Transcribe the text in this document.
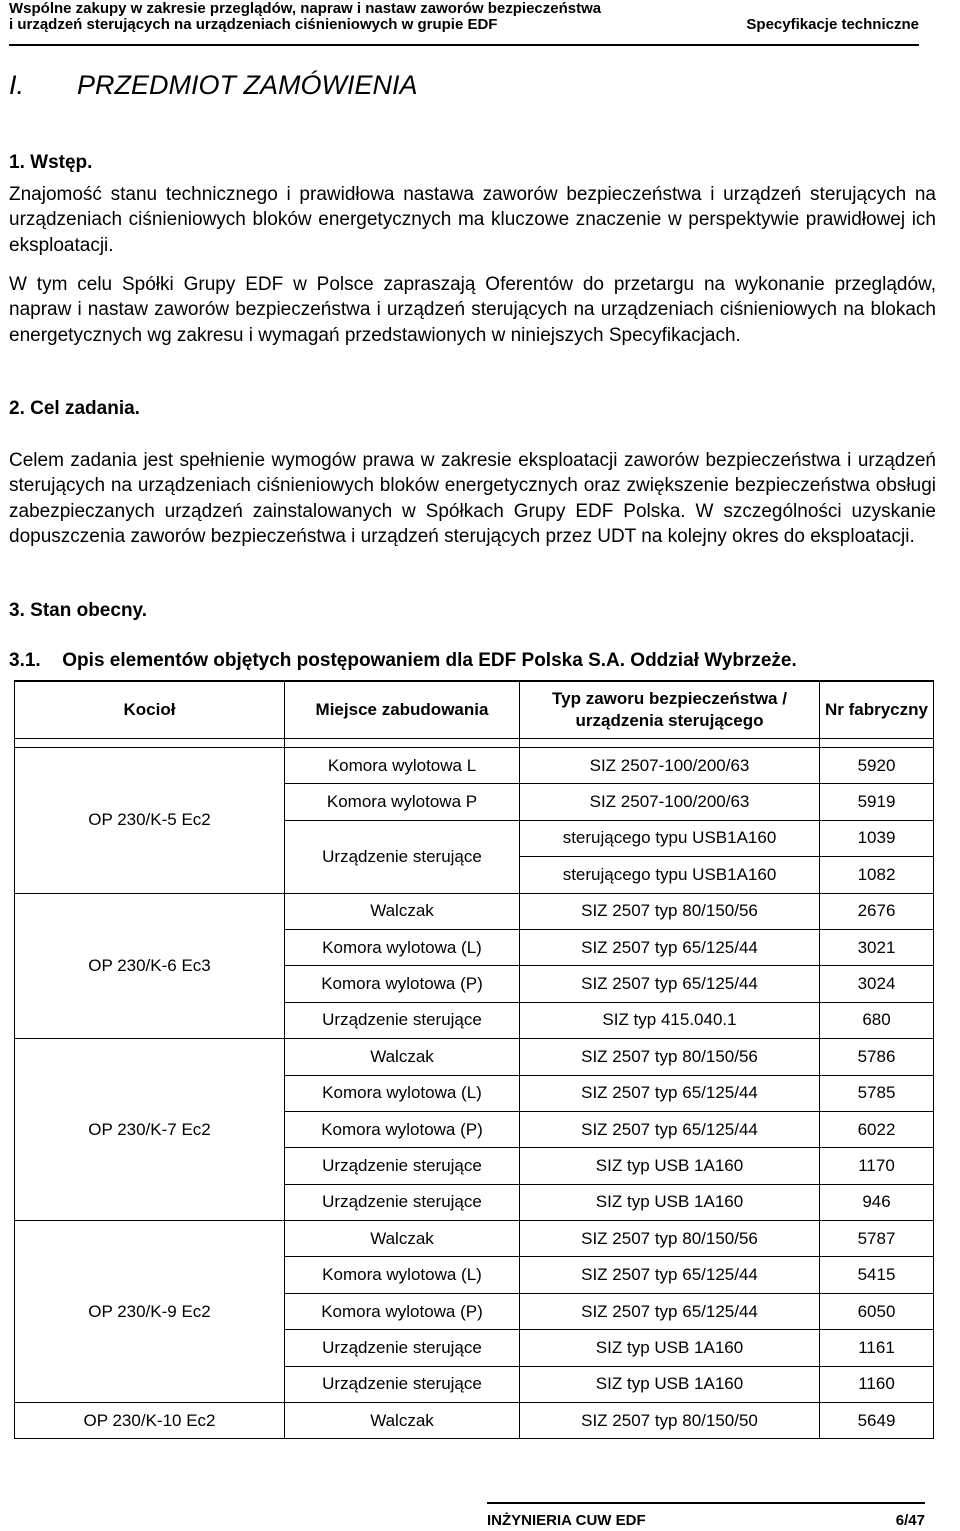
Wspólne zakupy w zakresie przeglądów, napraw i nastaw zaworów bezpieczeństwa
i urządzeń sterujących na urządzeniach ciśnieniowych w grupie EDF	Specyfikacje techniczne
I. PRZEDMIOT ZAMÓWIENIA
1. Wstęp.

Znajomość stanu technicznego i prawidłowa nastawa zaworów bezpieczeństwa i urządzeń sterujących na urządzeniach ciśnieniowych bloków energetycznych ma kluczowe znaczenie w perspektywie prawidłowej ich eksploatacji.

W tym celu Spółki Grupy EDF w Polsce zapraszają Oferentów do przetargu na wykonanie przeglądów, napraw i nastaw zaworów bezpieczeństwa i urządzeń sterujących na urządzeniach ciśnieniowych na blokach energetycznych wg zakresu i wymagań przedstawionych w niniejszych Specyfikacjach.

2. Cel zadania.

Celem zadania jest spełnienie wymogów prawa w zakresie eksploatacji zaworów bezpieczeństwa i urządzeń sterujących na urządzeniach ciśnieniowych bloków energetycznych oraz zwiększenie bezpieczeństwa obsługi zabezpieczanych urządzeń zainstalowanych w Spółkach Grupy EDF Polska. W szczególności uzyskanie dopuszczenia zaworów bezpieczeństwa i urządzeń sterujących przez UDT na kolejny okres do eksploatacji.

3. Stan obecny.
3.1. Opis elementów objętych postępowaniem dla EDF Polska S.A. Oddział Wybrzeże.
Kocioł	Miejsce zabudowania	Typ zaworu bezpieczeństwa / urządzenia sterującego	Nr fabryczny

OP 230/K-5 Ec2	Komora wylotowa L	SIZ 2507-100/200/63	5920
	Komora wylotowa P	SIZ 2507-100/200/63	5919
	Urządzenie sterujące	sterującego typu USB1A160	1039
		sterującego typu USB1A160	1082
OP 230/K-6 Ec3	Walczak	SIZ 2507 typ 80/150/56	2676
	Komora wylotowa (L)	SIZ 2507 typ 65/125/44	3021
	Komora wylotowa (P)	SIZ 2507 typ 65/125/44	3024
	Urządzenie sterujące	SIZ typ 415.040.1	680
OP 230/K-7 Ec2	Walczak	SIZ 2507 typ 80/150/56	5786
	Komora wylotowa (L)	SIZ 2507 typ 65/125/44	5785
	Komora wylotowa (P)	SIZ 2507 typ 65/125/44	6022
	Urządzenie sterujące	SIZ typ USB 1A160	1170
	Urządzenie sterujące	SIZ typ USB 1A160	946
OP 230/K-9 Ec2	Walczak	SIZ 2507 typ 80/150/56	5787
	Komora wylotowa (L)	SIZ 2507 typ 65/125/44	5415
	Komora wylotowa (P)	SIZ 2507 typ 65/125/44	6050
	Urządzenie sterujące	SIZ typ USB 1A160	1161
	Urządzenie sterujące	SIZ typ USB 1A160	1160
OP 230/K-10 Ec2	Walczak	SIZ 2507 typ 80/150/50	5649
INŻYNIERIA CUW EDF	6/47
